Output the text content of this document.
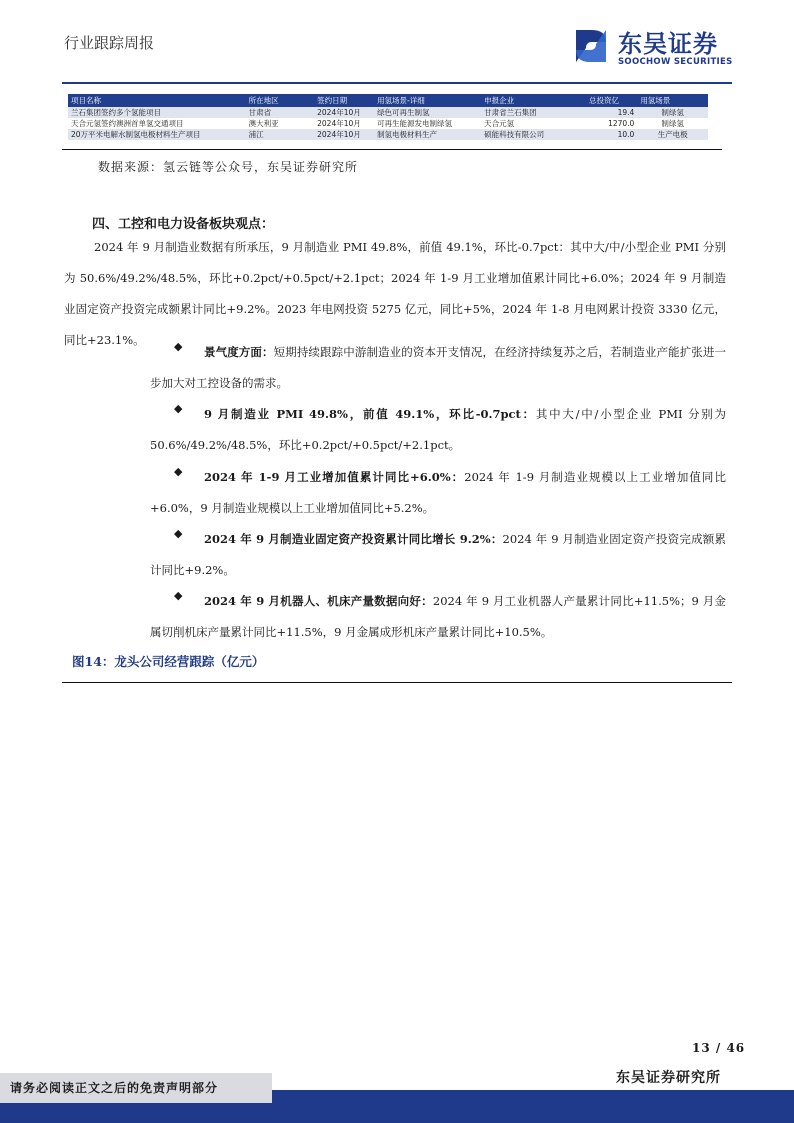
行业跟踪周报	东吴证券
SOOCHOW SECURITIES
项目名称	所在地区	签约日期	用氢场景-详细	申报企业	总投资亿	用氢场景
兰石集团签约多个氢能项目	甘肃省	2024年10月	绿色可再生制氢	甘肃省兰石集团	19.4	制绿氢
天合元氢签约澳洲首单氢交通项目	澳大利亚	2024年10月	可再生能源发电制绿氢	天合元氢	1270.0	制绿氢
20万平米电解水制氢电极材料生产项目	浦江	2024年10月	制氢电极材料生产	硕能科技有限公司	10.0	生产电极
数据来源：氢云链等公众号，东吴证券研究所
四、工控和电力设备板块观点：

2024 年 9 月制造业数据有所承压，9 月制造业 PMI 49.8%，前值 49.1%，环比-0.7pct：其中大/中/小型企业 PMI 分别为 50.6%/49.2%/48.5%，环比+0.2pct/+0.5pct/+2.1pct；2024 年 1-9 月工业增加值累计同比+6.0%；2024 年 9 月制造业固定资产投资完成额累计同比+9.2%。2023 年电网投资 5275 亿元，同比+5%，2024 年 1-8 月电网累计投资 3330 亿元，同比+23.1%。	◆	景气度方面：短期持续跟踪中游制造业的资本开支情况，在经济持续复苏之后，若制造业产能扩张进一步加大对工控设备的需求。

◆	9 月制造业 PMI 49.8%，前值 49.1%，环比-0.7pct：其中大/中/小型企业 PMI 分别为 50.6%/49.2%/48.5%，环比+0.2pct/+0.5pct/+2.1pct。

◆	2024 年 1-9 月工业增加值累计同比+6.0%：2024 年 1-9 月制造业规模以上工业增加值同比+6.0%，9 月制造业规模以上工业增加值同比+5.2%。

◆	2024 年 9 月制造业固定资产投资累计同比增长 9.2%：2024 年 9 月制造业固定资产投资完成额累计同比+9.2%。

◆	2024 年 9 月机器人、机床产量数据向好：2024 年 9 月工业机器人产量累计同比+11.5%；9 月金属切削机床产量累计同比+11.5%，9 月金属成形机床产量累计同比+10.5%。

图14：龙头公司经营跟踪（亿元）
13 / 46
东吴证券研究所
请务必阅读正文之后的免责声明部分
